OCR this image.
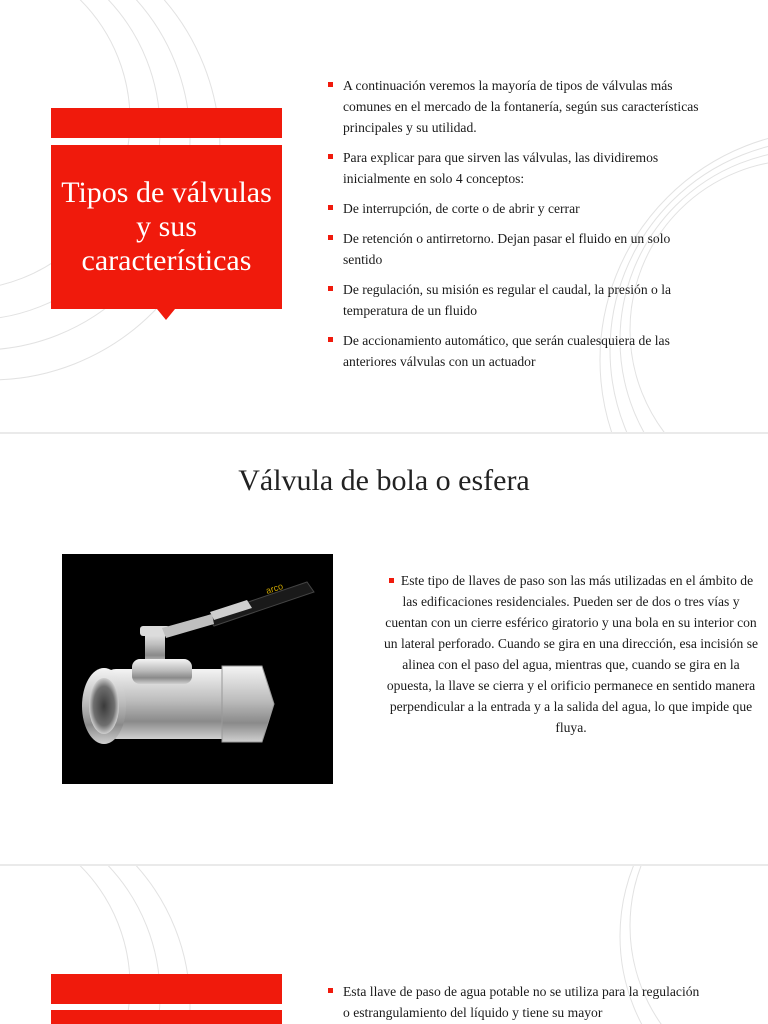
Tipos de válvulas y sus características
A continuación veremos la mayoría de tipos de válvulas más comunes en el mercado de la fontanería, según sus características principales y su utilidad.
Para explicar para que sirven las válvulas, las dividiremos inicialmente en solo 4 conceptos:
De interrupción, de corte o de abrir y cerrar
De retención o antirretorno. Dejan pasar el fluido en un solo sentido
De regulación, su misión es regular el caudal, la presión o la temperatura de un fluido
De accionamiento automático, que serán cualesquiera de las anteriores válvulas con un actuador
Válvula de bola o esfera
arco
Este tipo de llaves de paso son las más utilizadas en el ámbito de las edificaciones residenciales. Pueden ser de dos o tres vías y cuentan con un cierre esférico giratorio y una bola en su interior con un lateral perforado. Cuando se gira en una dirección, esa incisión se alinea con el paso del agua, mientras que, cuando se gira en la opuesta, la llave se cierra y el orificio permanece en sentido manera perpendicular a la entrada y a la salida del agua, lo que impide que fluya.
Esta llave de paso de agua potable no se utiliza para la regulación o estrangulamiento del líquido y tiene su mayor
